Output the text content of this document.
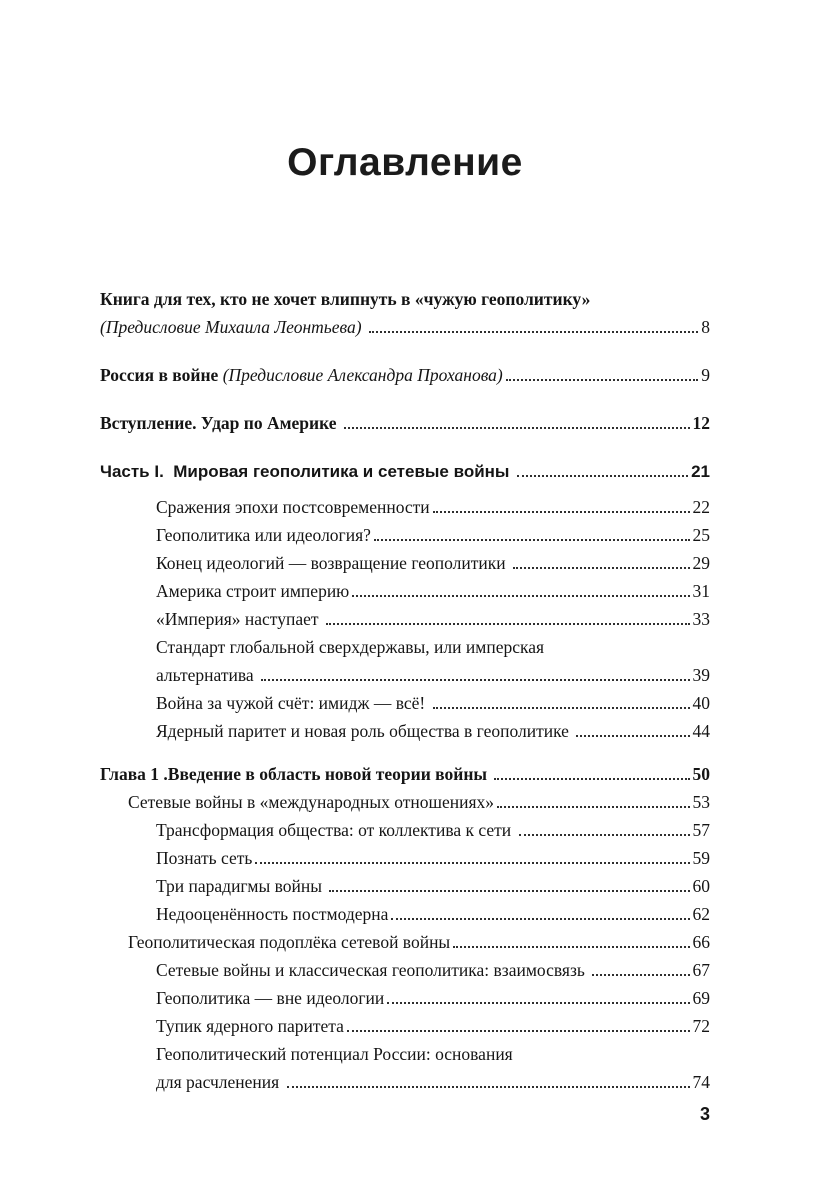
Оглавление
Книга для тех, кто не хочет влипнуть в «чужую геополитику»
(Предисловие Михаила Леонтьева)	8
Россия в войне (Предисловие Александра Проханова)	9
Вступление. Удар по Америке	12
Часть I.  Мировая геополитика и сетевые войны	21
Сражения эпохи постсовременности	22
Геополитика или идеология?	25
Конец идеологий — возвращение геополитики	29
Америка строит империю	31
«Империя» наступает	33
Стандарт глобальной сверхдержавы, или имперская
альтернатива	39
Война за чужой счёт: имидж — всё!	40
Ядерный паритет и новая роль общества в геополитике	44
Глава 1 .Введение в область новой теории войны	50
Сетевые войны в «международных отношениях»	53
Трансформация общества: от коллектива к сети	57
Познать сеть	59
Три парадигмы войны	60
Недооценённость постмодерна	62
Геополитическая подоплёка сетевой войны	66
Сетевые войны и классическая геополитика: взаимосвязь	67
Геополитика — вне идеологии	69
Тупик ядерного паритета	72
Геополитический потенциал России: основания
для расчленения	74
3
